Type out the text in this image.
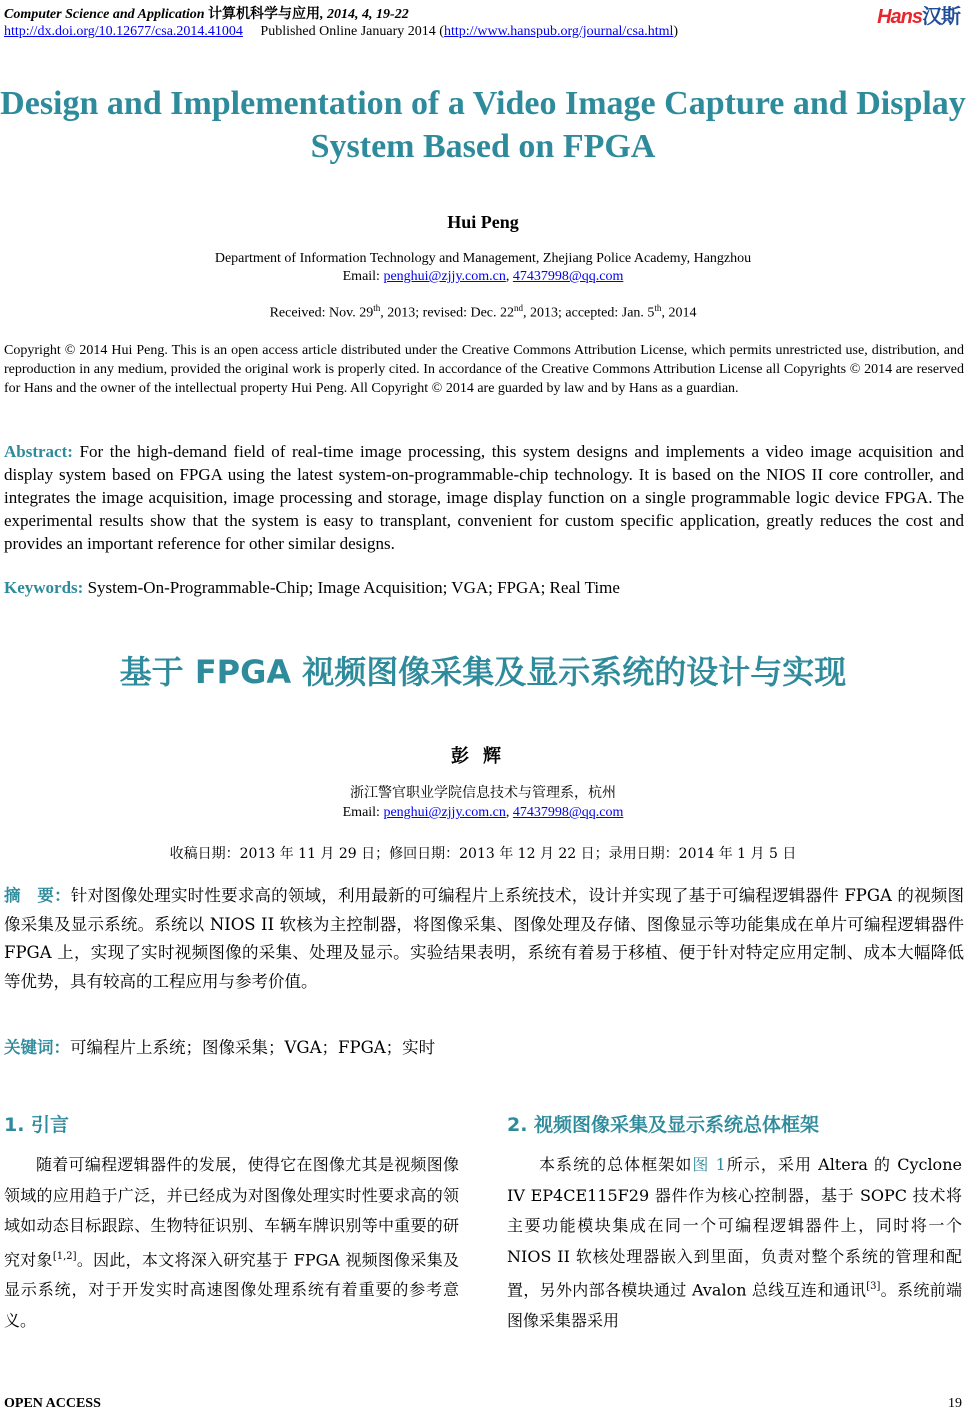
Computer Science and Application 计算机科学与应用, 2014, 4, 19-22
http://dx.doi.org/10.12677/csa.2014.41004 Published Online January 2014 (http://www.hanspub.org/journal/csa.html)
Hans汉斯
Design and Implementation of a Video Image Capture and Display System Based on FPGA
Hui Peng
Department of Information Technology and Management, Zhejiang Police Academy, Hangzhou
Email: penghui@zjjy.com.cn, 47437998@qq.com
Received: Nov. 29th, 2013; revised: Dec. 22nd, 2013; accepted: Jan. 5th, 2014
Copyright © 2014 Hui Peng. This is an open access article distributed under the Creative Commons Attribution License, which permits unrestricted use, distribution, and reproduction in any medium, provided the original work is properly cited. In accordance of the Creative Commons Attribution License all Copyrights © 2014 are reserved for Hans and the owner of the intellectual property Hui Peng. All Copyright © 2014 are guarded by law and by Hans as a guardian.
Abstract: For the high-demand field of real-time image processing, this system designs and implements a video image acquisition and display system based on FPGA using the latest system-on-programmable-chip technology. It is based on the NIOS II core controller, and integrates the image acquisition, image processing and storage, image display function on a single programmable logic device FPGA. The experimental results show that the system is easy to transplant, convenient for custom specific application, greatly reduces the cost and provides an important reference for other similar designs.
Keywords: System-On-Programmable-Chip; Image Acquisition; VGA; FPGA; Real Time
基于 FPGA 视频图像采集及显示系统的设计与实现
彭辉
浙江警官职业学院信息技术与管理系，杭州
Email: penghui@zjjy.com.cn, 47437998@qq.com
收稿日期：2013 年 11 月 29 日；修回日期：2013 年 12 月 22 日；录用日期：2014 年 1 月 5 日
摘　要：针对图像处理实时性要求高的领域，利用最新的可编程片上系统技术，设计并实现了基于可编程逻辑器件 FPGA 的视频图像采集及显示系统。系统以 NIOS II 软核为主控制器，将图像采集、图像处理及存储、图像显示等功能集成在单片可编程逻辑器件 FPGA 上，实现了实时视频图像的采集、处理及显示。实验结果表明，系统有着易于移植、便于针对特定应用定制、成本大幅降低等优势，具有较高的工程应用与参考价值。
关键词：可编程片上系统；图像采集；VGA；FPGA；实时
1. 引言
随着可编程逻辑器件的发展，使得它在图像尤其是视频图像领域的应用趋于广泛，并已经成为对图像处理实时性要求高的领域如动态目标跟踪、生物特征识别、车辆车牌识别等中重要的研究对象[1,2]。因此，本文将深入研究基于 FPGA 视频图像采集及显示系统，对于开发实时高速图像处理系统有着重要的参考意义。
2. 视频图像采集及显示系统总体框架
本系统的总体框架如图 1所示，采用 Altera 的 Cyclone IV EP4CE115F29 器件作为核心控制器，基于 SOPC 技术将主要功能模块集成在同一个可编程逻辑器件上，同时将一个 NIOS II 软核处理器嵌入到里面，负责对整个系统的管理和配置，另外内部各模块通过 Avalon 总线互连和通讯[3]。系统前端图像采集器采用
OPEN ACCESS	19
